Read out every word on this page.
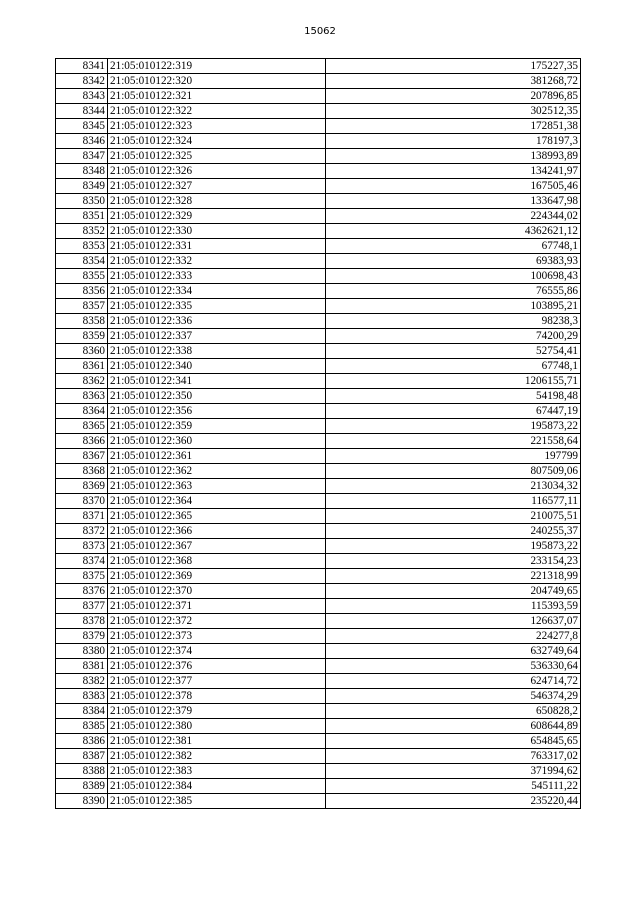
15062
8341	21:05:010122:319	175227,35
8342	21:05:010122:320	381268,72
8343	21:05:010122:321	207896,85
8344	21:05:010122:322	302512,35
8345	21:05:010122:323	172851,38
8346	21:05:010122:324	178197,3
8347	21:05:010122:325	138993,89
8348	21:05:010122:326	134241,97
8349	21:05:010122:327	167505,46
8350	21:05:010122:328	133647,98
8351	21:05:010122:329	224344,02
8352	21:05:010122:330	4362621,12
8353	21:05:010122:331	67748,1
8354	21:05:010122:332	69383,93
8355	21:05:010122:333	100698,43
8356	21:05:010122:334	76555,86
8357	21:05:010122:335	103895,21
8358	21:05:010122:336	98238,3
8359	21:05:010122:337	74200,29
8360	21:05:010122:338	52754,41
8361	21:05:010122:340	67748,1
8362	21:05:010122:341	1206155,71
8363	21:05:010122:350	54198,48
8364	21:05:010122:356	67447,19
8365	21:05:010122:359	195873,22
8366	21:05:010122:360	221558,64
8367	21:05:010122:361	197799
8368	21:05:010122:362	807509,06
8369	21:05:010122:363	213034,32
8370	21:05:010122:364	116577,11
8371	21:05:010122:365	210075,51
8372	21:05:010122:366	240255,37
8373	21:05:010122:367	195873,22
8374	21:05:010122:368	233154,23
8375	21:05:010122:369	221318,99
8376	21:05:010122:370	204749,65
8377	21:05:010122:371	115393,59
8378	21:05:010122:372	126637,07
8379	21:05:010122:373	224277,8
8380	21:05:010122:374	632749,64
8381	21:05:010122:376	536330,64
8382	21:05:010122:377	624714,72
8383	21:05:010122:378	546374,29
8384	21:05:010122:379	650828,2
8385	21:05:010122:380	608644,89
8386	21:05:010122:381	654845,65
8387	21:05:010122:382	763317,02
8388	21:05:010122:383	371994,62
8389	21:05:010122:384	545111,22
8390	21:05:010122:385	235220,44
